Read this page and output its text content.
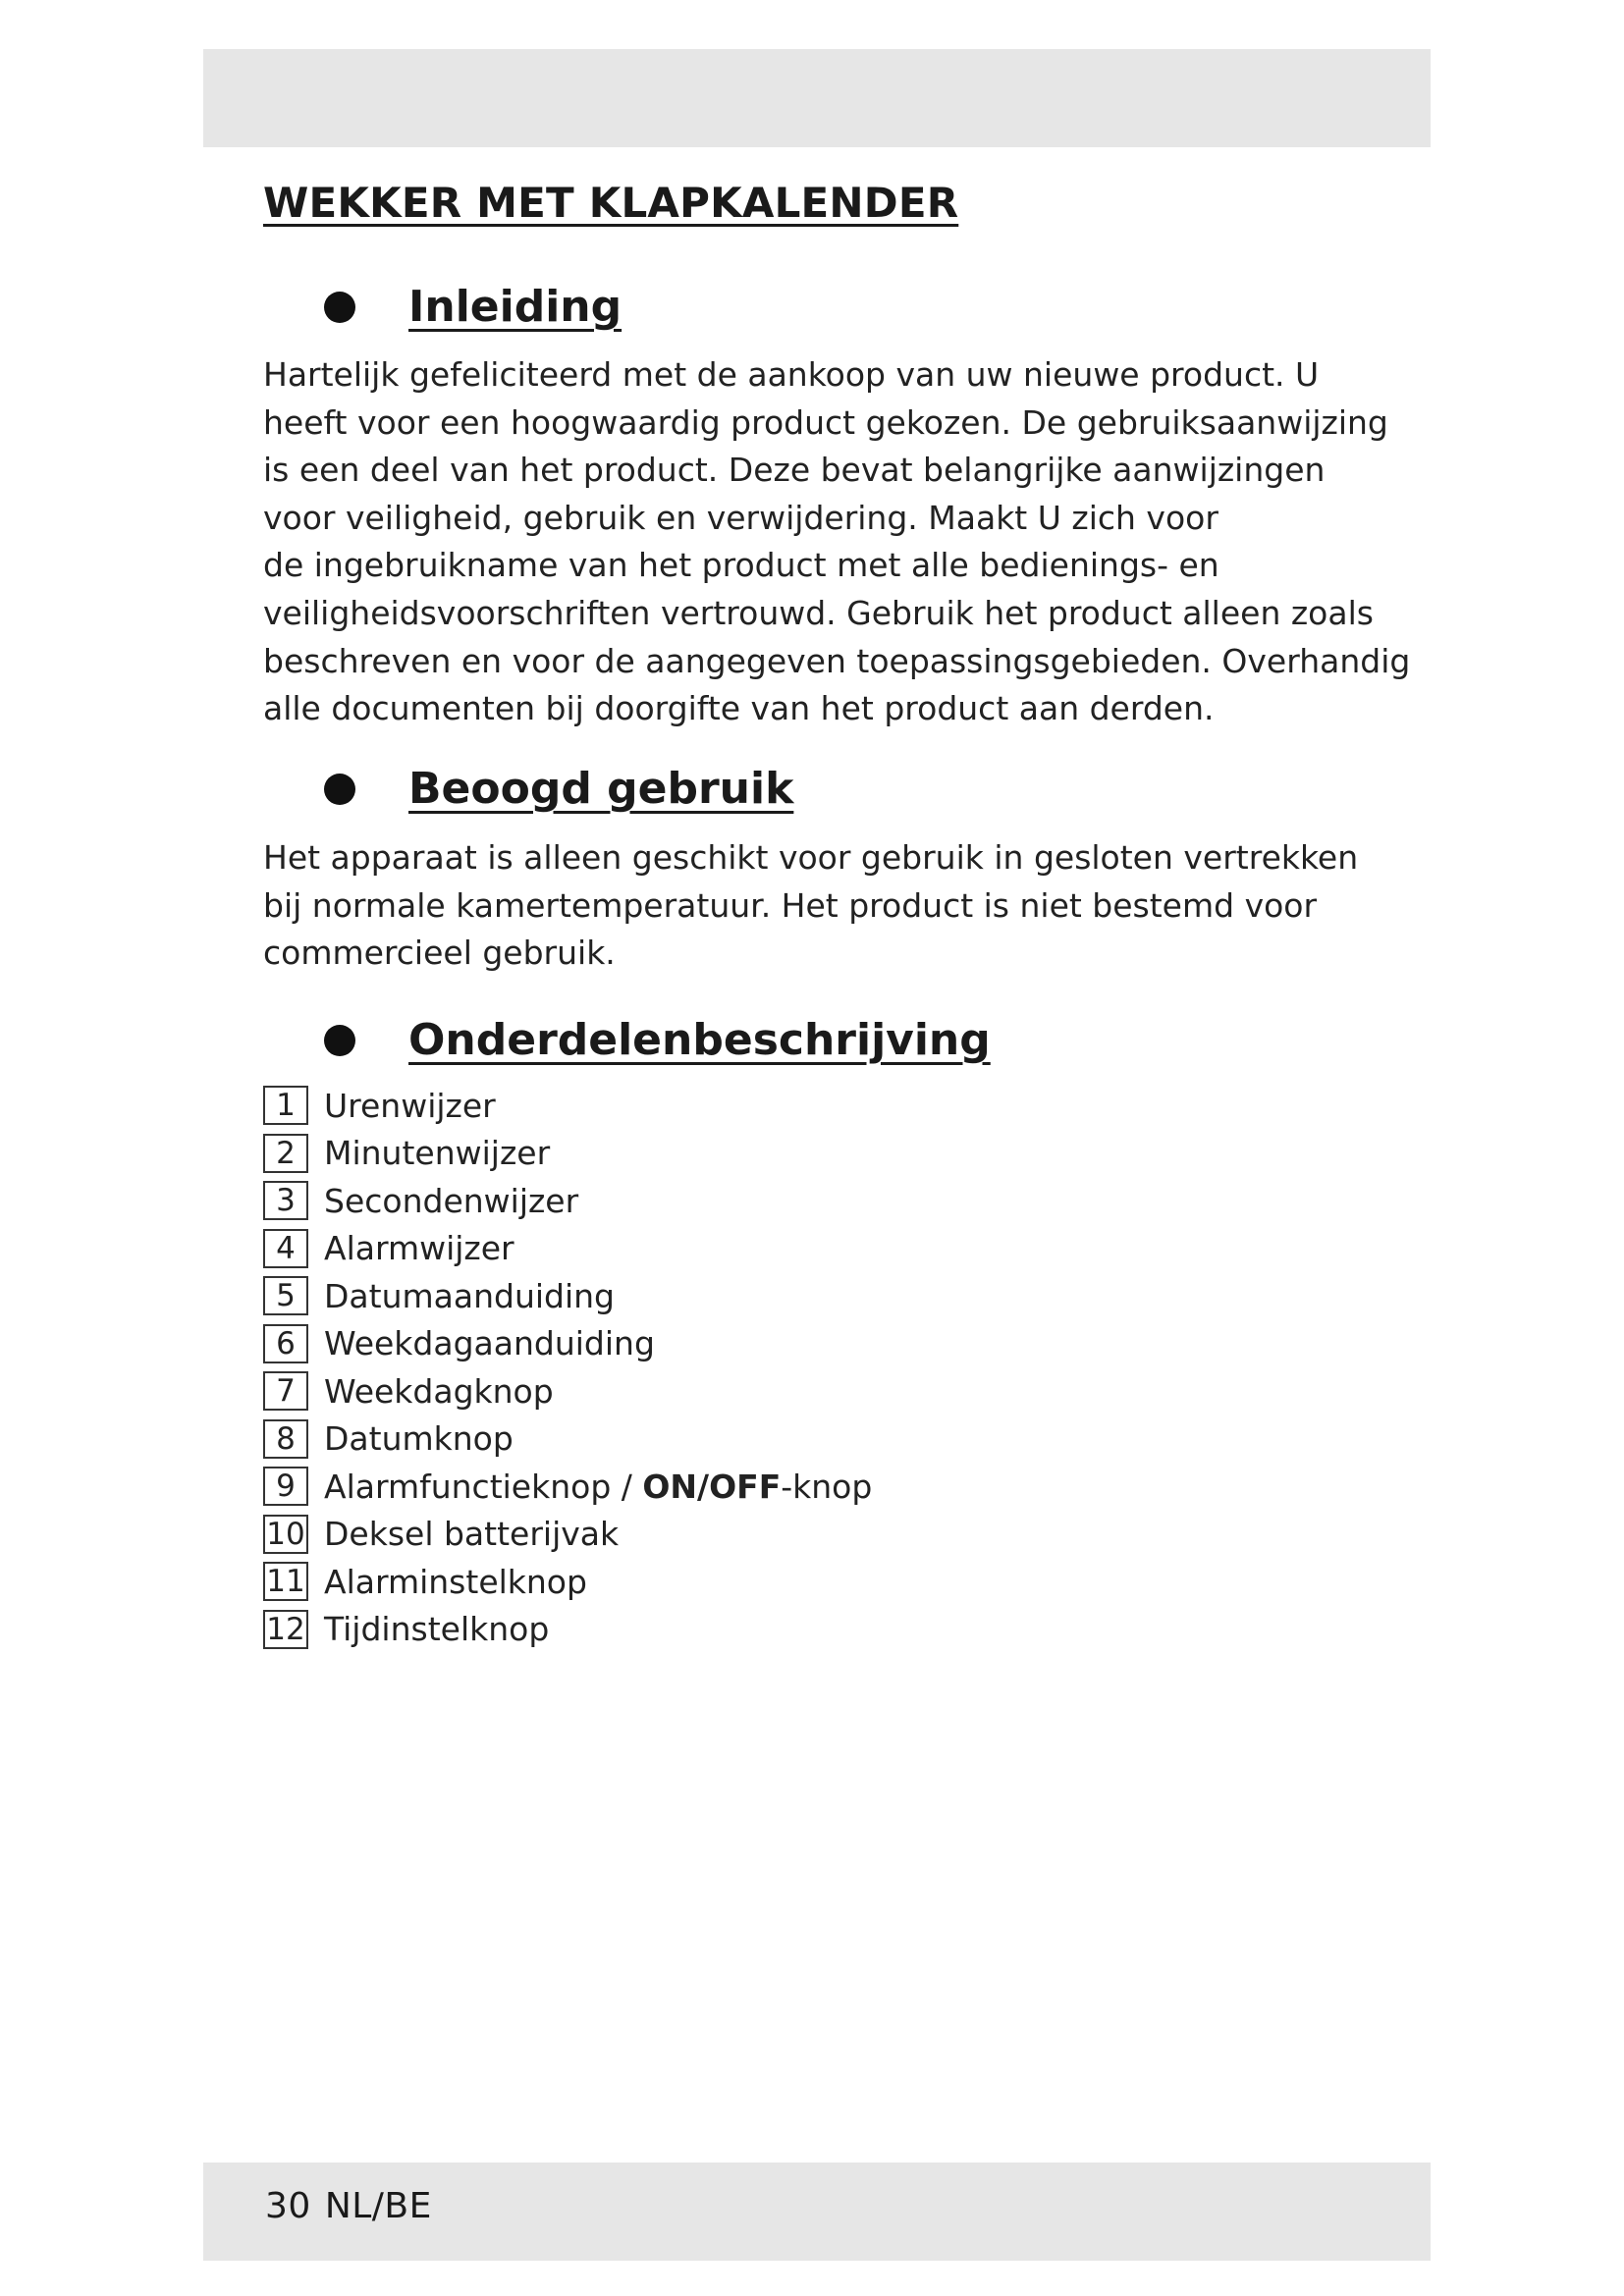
WEKKER MET KLAPKALENDER
Inleiding

Hartelijk gefeliciteerd met de aankoop van uw nieuwe product. U
heeft voor een hoogwaardig product gekozen. De gebruiksaanwijzing
is een deel van het product. Deze bevat belangrijke aanwijzingen
voor veiligheid, gebruik en verwijdering. Maakt U zich voor
de ingebruikname van het product met alle bedienings- en
veiligheidsvoorschriften vertrouwd. Gebruik het product alleen zoals
beschreven en voor de aangegeven toepassingsgebieden. Overhandig
alle documenten bij doorgifte van het product aan derden.

Beoogd gebruik

Het apparaat is alleen geschikt voor gebruik in gesloten vertrekken
bij normale kamertemperatuur. Het product is niet bestemd voor
commercieel gebruik.

Onderdelenbeschrijving
1 Urenwijzer
2 Minutenwijzer
3 Secondenwijzer
4 Alarmwijzer
5 Datumaanduiding
6 Weekdagaanduiding
7 Weekdagknop
8 Datumknop
9 Alarmfunctieknop / ON/OFF-knop
10 Deksel batterijvak
11 Alarminstelknop
12 Tijdinstelknop
30 NL/BE
